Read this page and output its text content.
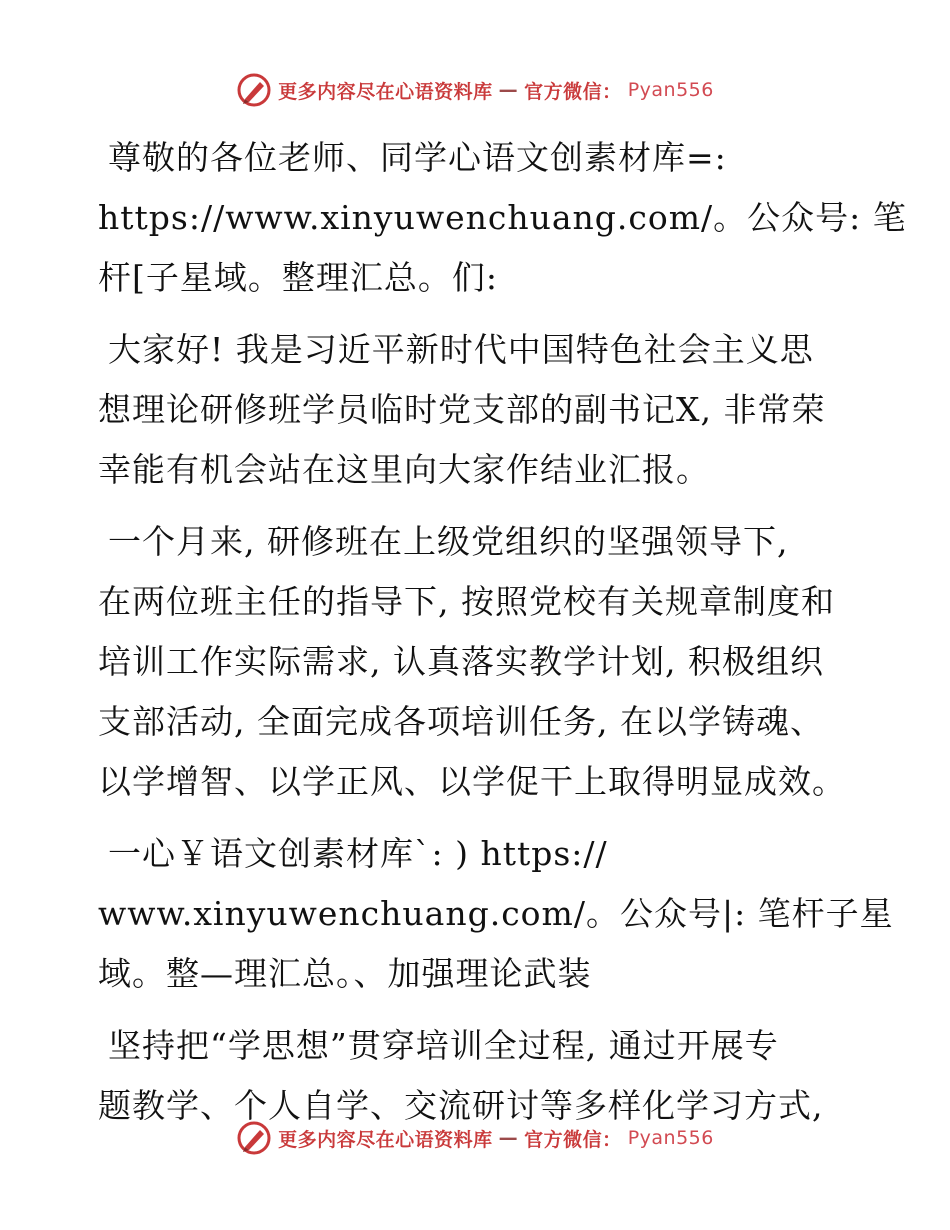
更多内容尽在心语资料库 — 官方微信： Pyan556
尊敬的各位老师、同学心语文创素材库=:
https://www.xinyuwenchuang.com/。公众号: 笔
杆[子星域。整理汇总。们:
大家好! 我是习近平新时代中国特色社会主义思
想理论研修班学员临时党支部的副书记X, 非常荣
幸能有机会站在这里向大家作结业汇报。
一个月来, 研修班在上级党组织的坚强领导下,
在两位班主任的指导下, 按照党校有关规章制度和
培训工作实际需求, 认真落实教学计划, 积极组织
支部活动, 全面完成各项培训任务, 在以学铸魂、
以学增智、以学正风、以学促干上取得明显成效。
一心￥语文创素材库`: ) https://
www.xinyuwenchuang.com/。公众号|: 笔杆子星
域。整—理汇总。、加强理论武装
坚持把“学思想”贯穿培训全过程, 通过开展专
题教学、个人自学、交流研讨等多样化学习方式,
更多内容尽在心语资料库 — 官方微信： Pyan556
